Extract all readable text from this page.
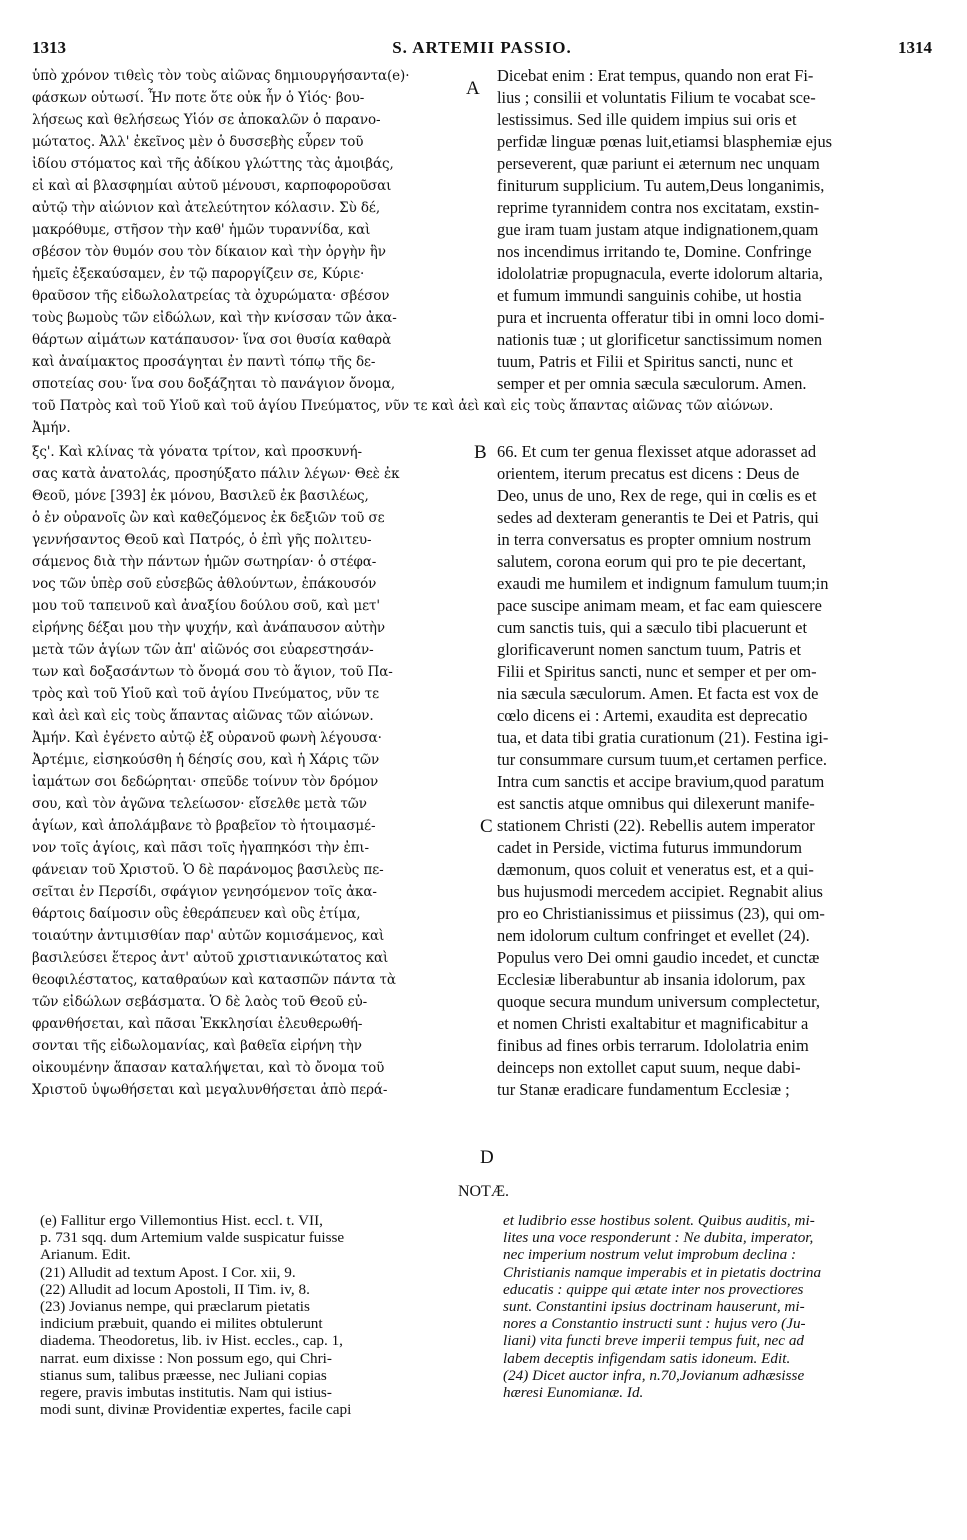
1313	S. ARTEMII PASSIO.	1314
ὑπὸ χρόνον τιθεὶς τὸν τοὺς αἰῶνας δημιουργήσαντα(e)·
φάσκων οὑτωσί. Ἦν ποτε ὅτε οὐκ ἦν ὁ Υἱός· βου-
λήσεως καὶ θελήσεως Υἱόν σε ἀποκαλῶν ὁ παρανο-
μώτατος. Ἀλλ' ἐκεῖνος μὲν ὁ δυσσεβὴς εὗρεν τοῦ
ἰδίου στόματος καὶ τῆς ἀδίκου γλώττης τὰς ἀμοιβάς,
εἰ καὶ αἱ βλασφημίαι αὐτοῦ μένουσι, καρποφοροῦσαι
αὐτῷ τὴν αἰώνιον καὶ ἀτελεύτητον κόλασιν. Σὺ δέ,
μακρόθυμε, στῆσον τὴν καθ' ἡμῶν τυραννίδα, καὶ
σβέσον τὸν θυμόν σου τὸν δίκαιον καὶ τὴν ὀργὴν ἣν
ἡμεῖς ἐξεκαύσαμεν, ἐν τῷ παροργίζειν σε, Κύριε·
θραῦσον τῆς εἰδωλολατρείας τὰ ὀχυρώματα· σβέσον
τοὺς βωμοὺς τῶν εἰδώλων, καὶ τὴν κνίσσαν τῶν ἀκα-
θάρτων αἱμάτων κατάπαυσον· ἵνα σοι θυσία καθαρὰ
καὶ ἀναίμακτος προσάγηται ἐν παντὶ τόπῳ τῆς δε-
σποτείας σου· ἵνα σου δοξάζηται τὸ πανάγιον ὄνομα,
Dicebat enim : Erat tempus, quando non erat Fi-
lius ; consilii et voluntatis Filium te vocabat sce-
lestissimus. Sed ille quidem impius sui oris et
perfidæ linguæ pœnas luit,etiamsi blasphemiæ ejus
perseverent, quæ pariunt ei æternum nec unquam
finiturum supplicium. Tu autem,Deus longanimis,
reprime tyrannidem contra nos excitatam, exstin-
gue iram tuam justam atque indignationem,quam
nos incendimus irritando te, Domine. Confringe
idololatriæ propugnacula, everte idolorum altaria,
et fumum immundi sanguinis cohibe, ut hostia
pura et incruenta offeratur tibi in omni loco domi-
nationis tuæ ; ut glorificetur sanctissimum nomen
tuum, Patris et Filii et Spiritus sancti, nunc et
semper et per omnia sæcula sæculorum. Amen.
τοῦ Πατρὸς καὶ τοῦ Υἱοῦ καὶ τοῦ ἁγίου Πνεύματος, νῦν τε καὶ ἀεὶ καὶ εἰς τοὺς ἅπαντας αἰῶνας τῶν αἰώνων.
Ἀμήν.
ξς'. Καὶ κλίνας τὰ γόνατα τρίτον, καὶ προσκυνή-
σας κατὰ ἀνατολάς, προσηύξατο πάλιν λέγων· Θεὲ ἐκ
Θεοῦ, μόνε [393] ἐκ μόνου, Βασιλεῦ ἐκ βασιλέως,
ὁ ἐν οὐρανοῖς ὢν καὶ καθεζόμενος ἐκ δεξιῶν τοῦ σε
γεννήσαντος Θεοῦ καὶ Πατρός, ὁ ἐπὶ γῆς πολιτευ-
σάμενος διὰ τὴν πάντων ἡμῶν σωτηρίαν· ὁ στέφα-
νος τῶν ὑπὲρ σοῦ εὐσεβῶς ἀθλούντων, ἐπάκουσόν
μου τοῦ ταπεινοῦ καὶ ἀναξίου δούλου σοῦ, καὶ μετ'
εἰρήνης δέξαι μου τὴν ψυχήν, καὶ ἀνάπαυσον αὐτὴν
μετὰ τῶν ἁγίων τῶν ἀπ' αἰῶνός σοι εὐαρεστησάν-
των καὶ δοξασάντων τὸ ὄνομά σου τὸ ἅγιον, τοῦ Πα-
τρὸς καὶ τοῦ Υἱοῦ καὶ τοῦ ἁγίου Πνεύματος, νῦν τε
καὶ ἀεὶ καὶ εἰς τοὺς ἅπαντας αἰῶνας τῶν αἰώνων.
Ἀμήν. Καὶ ἐγένετο αὐτῷ ἐξ οὐρανοῦ φωνὴ λέγουσα·
Ἀρτέμιε, εἰσηκούσθη ἡ δέησίς σου, καὶ ἡ Χάρις τῶν
ἰαμάτων σοι δεδώρηται· σπεῦδε τοίνυν τὸν δρόμον
σου, καὶ τὸν ἀγῶνα τελείωσον· εἴσελθε μετὰ τῶν
ἁγίων, καὶ ἀπολάμβανε τὸ βραβεῖον τὸ ἡτοιμασμέ-
νον τοῖς ἁγίοις, καὶ πᾶσι τοῖς ἠγαπηκόσι τὴν ἐπι-
φάνειαν τοῦ Χριστοῦ. Ὁ δὲ παράνομος βασιλεὺς πε-
σεῖται ἐν Περσίδι, σφάγιον γενησόμενον τοῖς ἀκα-
θάρτοις δαίμοσιν οὓς ἐθεράπευεν καὶ οὓς ἐτίμα,
τοιαύτην ἀντιμισθίαν παρ' αὐτῶν κομισάμενος, καὶ
βασιλεύσει ἕτερος ἀντ' αὐτοῦ χριστιανικώτατος καὶ
θεοφιλέστατος, καταθραύων καὶ κατασπῶν πάντα τὰ
τῶν εἰδώλων σεβάσματα. Ὁ δὲ λαὸς τοῦ Θεοῦ εὐ-
φρανθήσεται, καὶ πᾶσαι Ἐκκλησίαι ἐλευθερωθή-
σονται τῆς εἰδωλομανίας, καὶ βαθεῖα εἰρήνη τὴν
οἰκουμένην ἅπασαν καταλήψεται, καὶ τὸ ὄνομα τοῦ
Χριστοῦ ὑψωθήσεται καὶ μεγαλυνθήσεται ἀπὸ περά-
66. Et cum ter genua flexisset atque adorasset ad
orientem, iterum precatus est dicens : Deus de
Deo, unus de uno, Rex de rege, qui in cœlis es et
sedes ad dexteram generantis te Dei et Patris, qui
in terra conversatus es propter omnium nostrum
salutem, corona eorum qui pro te pie decertant,
exaudi me humilem et indignum famulum tuum;in
pace suscipe animam meam, et fac eam quiescere
cum sanctis tuis, qui a sæculo tibi placuerunt et
glorificaverunt nomen sanctum tuum, Patris et
Filii et Spiritus sancti, nunc et semper et per om-
nia sæcula sæculorum. Amen. Et facta est vox de
cœlo dicens ei : Artemi, exaudita est deprecatio
tua, et data tibi gratia curationum (21). Festina igi-
tur consummare cursum tuum,et certamen perfice.
Intra cum sanctis et accipe bravium,quod paratum
est sanctis atque omnibus qui dilexerunt manife-
stationem Christi (22). Rebellis autem imperator
cadet in Perside, victima futurus immundorum
dæmonum, quos coluit et veneratus est, et a qui-
bus hujusmodi mercedem accipiet. Regnabit alius
pro eo Christianissimus et piissimus (23), qui om-
nem idolorum cultum confringet et evellet (24).
Populus vero Dei omni gaudio incedet, et cunctæ
Ecclesiæ liberabuntur ab insania idolorum, pax
quoque secura mundum universum complectetur,
et nomen Christi exaltabitur et magnificabitur a
finibus ad fines orbis terrarum. Idololatria enim
deinceps non extollet caput suum, neque dabi-
tur Stanæ eradicare fundamentum Ecclesiæ ;
A
B
C
D
NOTÆ.
(e) Fallitur ergo Villemontius Hist. eccl. t. VII,
p. 731 sqq. dum Artemium valde suspicatur fuisse
Arianum. Edit.
(21) Alludit ad textum Apost. I Cor. xii, 9.
(22) Alludit ad locum Apostoli, II Tim. iv, 8.
(23) Jovianus nempe, qui præclarum pietatis
indicium præbuit, quando ei milites obtulerunt
diadema. Theodoretus, lib. iv Hist. eccles., cap. 1,
narrat. eum dixisse : Non possum ego, qui Chri-
stianus sum, talibus præesse, nec Juliani copias
regere, pravis imbutas institutis. Nam qui istius-
modi sunt, divinæ Providentiæ expertes, facile capi
et ludibrio esse hostibus solent. Quibus auditis, mi-
lites una voce responderunt : Ne dubita, imperator,
nec imperium nostrum velut improbum declina :
Christianis namque imperabis et in pietatis doctrina
educatis : quippe qui ætate inter nos provectiores
sunt. Constantini ipsius doctrinam hauserunt, mi-
nores a Constantio instructi sunt : hujus vero (Ju-
liani) vita functi breve imperii tempus fuit, nec ad
labem deceptis infigendam satis idoneum. Edit.
(24) Dicet auctor infra, n.70,Jovianum adhæsisse
hæresi Eunomianæ. Id.
